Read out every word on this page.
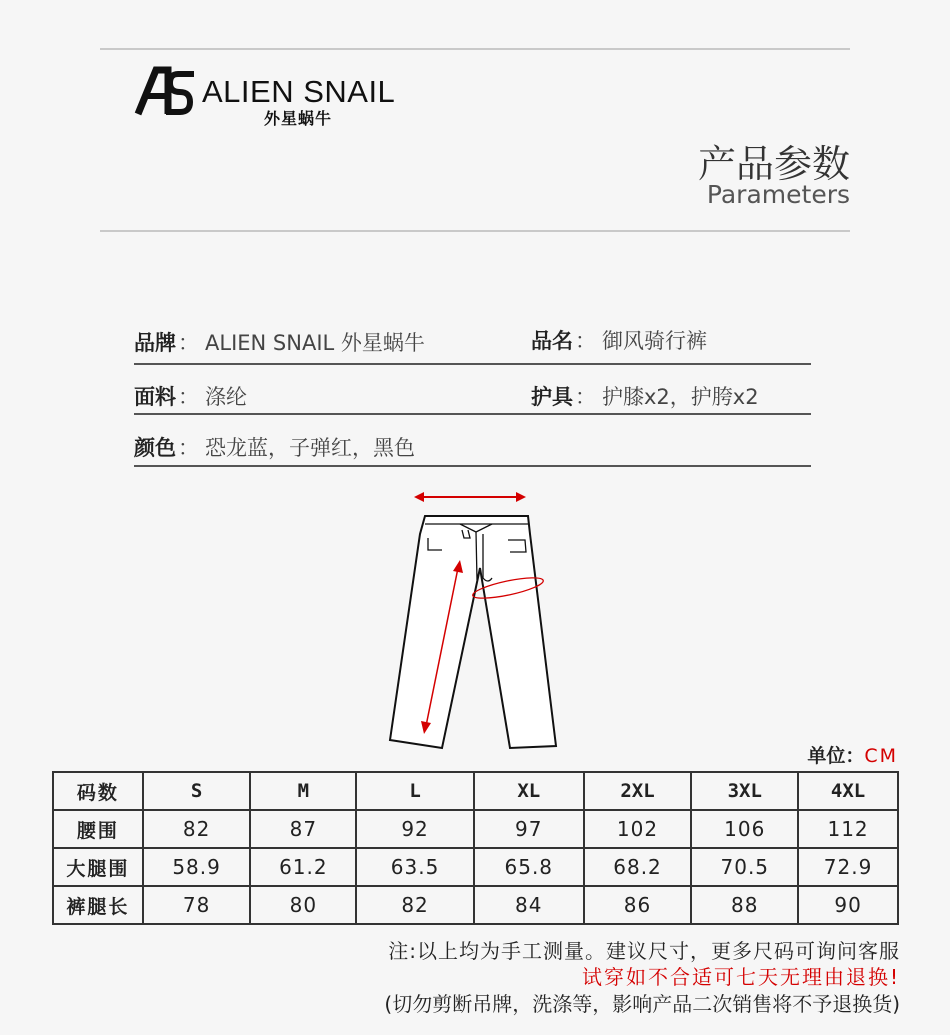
ALIEN SNAIL
外星蜗牛
产品参数
Parameters
品牌： ALIEN SNAIL 外星蜗牛	品名： 御风骑行裤
面料： 涤纶	护具： 护膝x2，护胯x2
颜色： 恐龙蓝，子弹红，黑色
单位：CM
码数	S	M	L	XL	2XL	3XL	4XL
腰围	82	87	92	97	102	106	112
大腿围	58.9	61.2	63.5	65.8	68.2	70.5	72.9
裤腿长	78	80	82	84	86	88	90
注:以上均为手工测量。建议尺寸，更多尺码可询问客服
试穿如不合适可七天无理由退换!
(切勿剪断吊牌，洗涤等，影响产品二次销售将不予退换货)
